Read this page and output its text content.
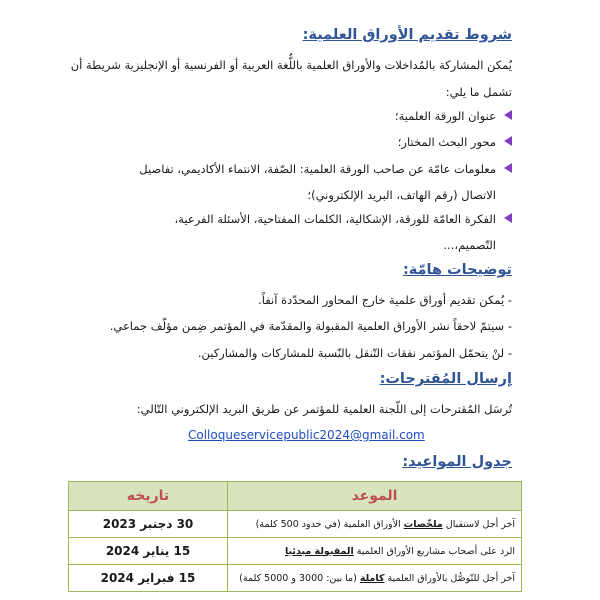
شروط تقديم الأوراق العلمية:

يُمكن المشاركة بالمُداخلات والأوراق العلمية باللُّغة العربية أو الفرنسية أو الإنجليزية شريطة أن

تشمل ما يلي:

عنوان الورقة العلمية؛
محور البحث المختار؛
معلومات عامّة عن صاحب الورقة العلمية: الصّفة، الانتماء الأكاديمي، تفاصيل
الاتصال (رقم الهاتف، البريد الإلكتروني)؛
الفكرة العامّة للورقة، الإشكالية، الكلمات المفتاحية، الأسئلة الفرعية،
التّصميم،...
توضيحات هامّة:
- يُمكن تقديم أوراق علمية خارج المحاور المحدّدة آنفاً.
- سيتمّ لاحقاً نشر الأوراق العلمية المقبولة والمقدّمة في المؤتمر ضِمن مؤلّف جماعي.
- لنْ يتحمّل المؤتمر نفقات التّنقل بالنّسبة للمشاركات والمشاركين.
إرسال المُقترحات:

تُرسَل المُقترحات إلى اللّجنة العلمية للمؤتمر عن طريق البريد الإلكتروني التّالي:

Colloqueservicepublic2024@gmail.com
جدول المواعيد:
الموعد	تاريخه
آخر أجل لاستقبال ملخّصات الأوراق العلمية (في حدود 500 كلمة)	30 دجنبر 2023
الرد على أصحاب مشاريع الأوراق العلمية المقبولة مبدئيا	15 يناير 2024
آخر أجل للتّوصُّل بالأوراق العلمية كاملة (ما بين: 3000 و 5000 كلمة)	15 فبراير 2024
